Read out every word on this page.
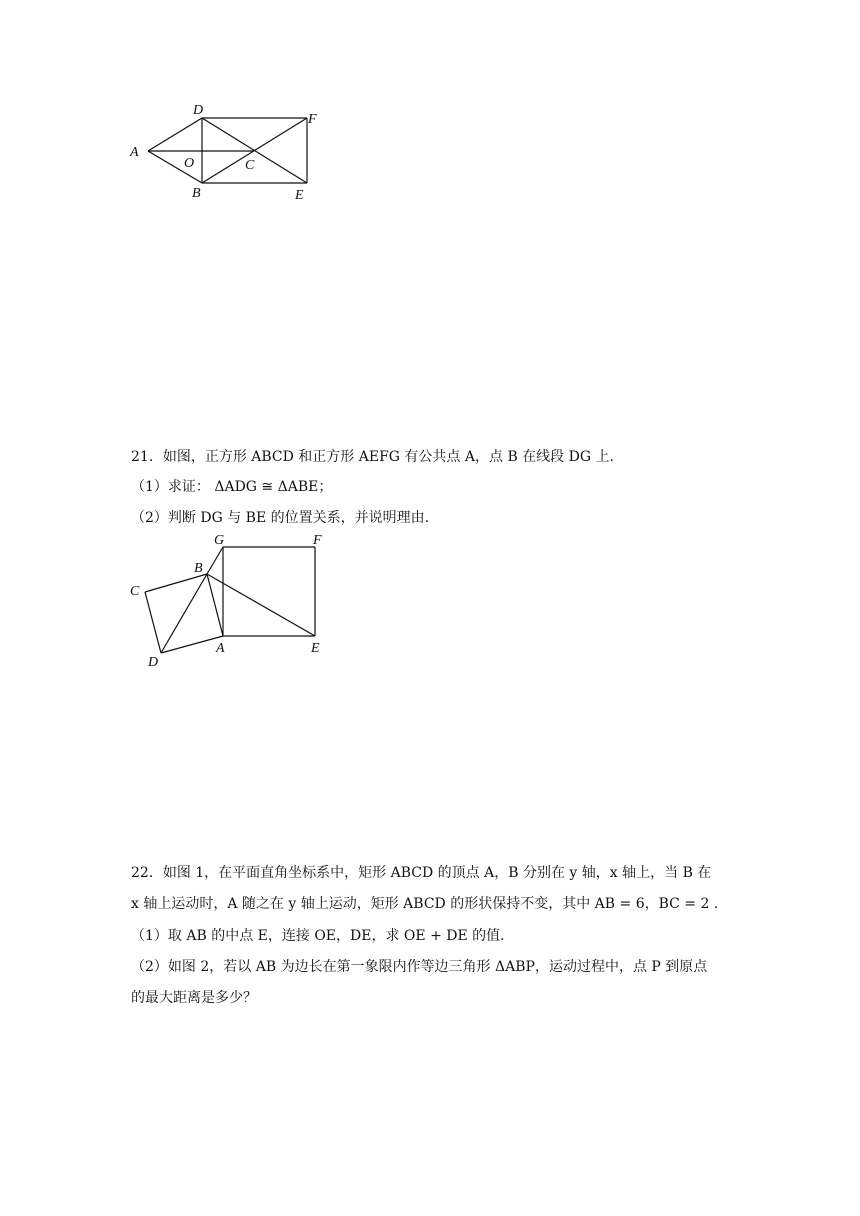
A
D
F
O	C
B	E
21．如图，正方形 ABCD 和正方形 AEFG 有公共点 A，点 B 在线段 DG 上.
（1）求证： ΔADG ≅ ΔABE；
（2）判断 DG 与 BE 的位置关系，并说明理由.
G	F
B
C
D
A	E
22．如图 1，在平面直角坐标系中，矩形 ABCD 的顶点 A，B 分别在 y 轴，x 轴上，当 B 在
x 轴上运动时，A 随之在 y 轴上运动，矩形 ABCD 的形状保持不变，其中 AB = 6，BC = 2 .
（1）取 AB 的中点 E，连接 OE，DE，求 OE + DE 的值.
（2）如图 2，若以 AB 为边长在第一象限内作等边三角形 ΔABP，运动过程中，点 P 到原点
的最大距离是多少？
